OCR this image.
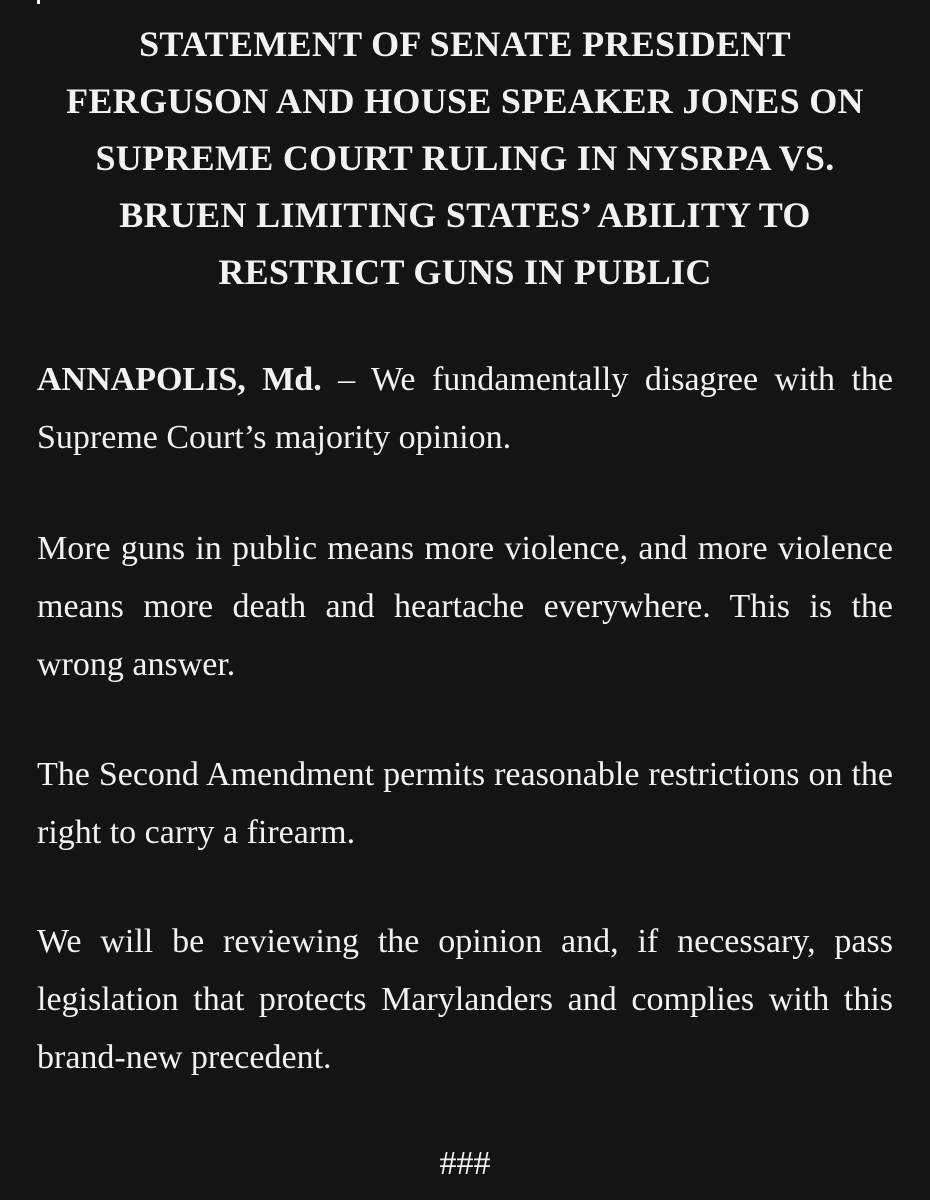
STATEMENT OF SENATE PRESIDENT FERGUSON AND HOUSE SPEAKER JONES ON SUPREME COURT RULING IN NYSRPA VS. BRUEN LIMITING STATES’ ABILITY TO RESTRICT GUNS IN PUBLIC

ANNAPOLIS, Md. – We fundamentally disagree with the Supreme Court’s majority opinion.

More guns in public means more violence, and more violence means more death and heartache everywhere. This is the wrong answer.

The Second Amendment permits reasonable restrictions on the right to carry a firearm.

We will be reviewing the opinion and, if necessary, pass legislation that protects Marylanders and complies with this brand-new precedent.

###
